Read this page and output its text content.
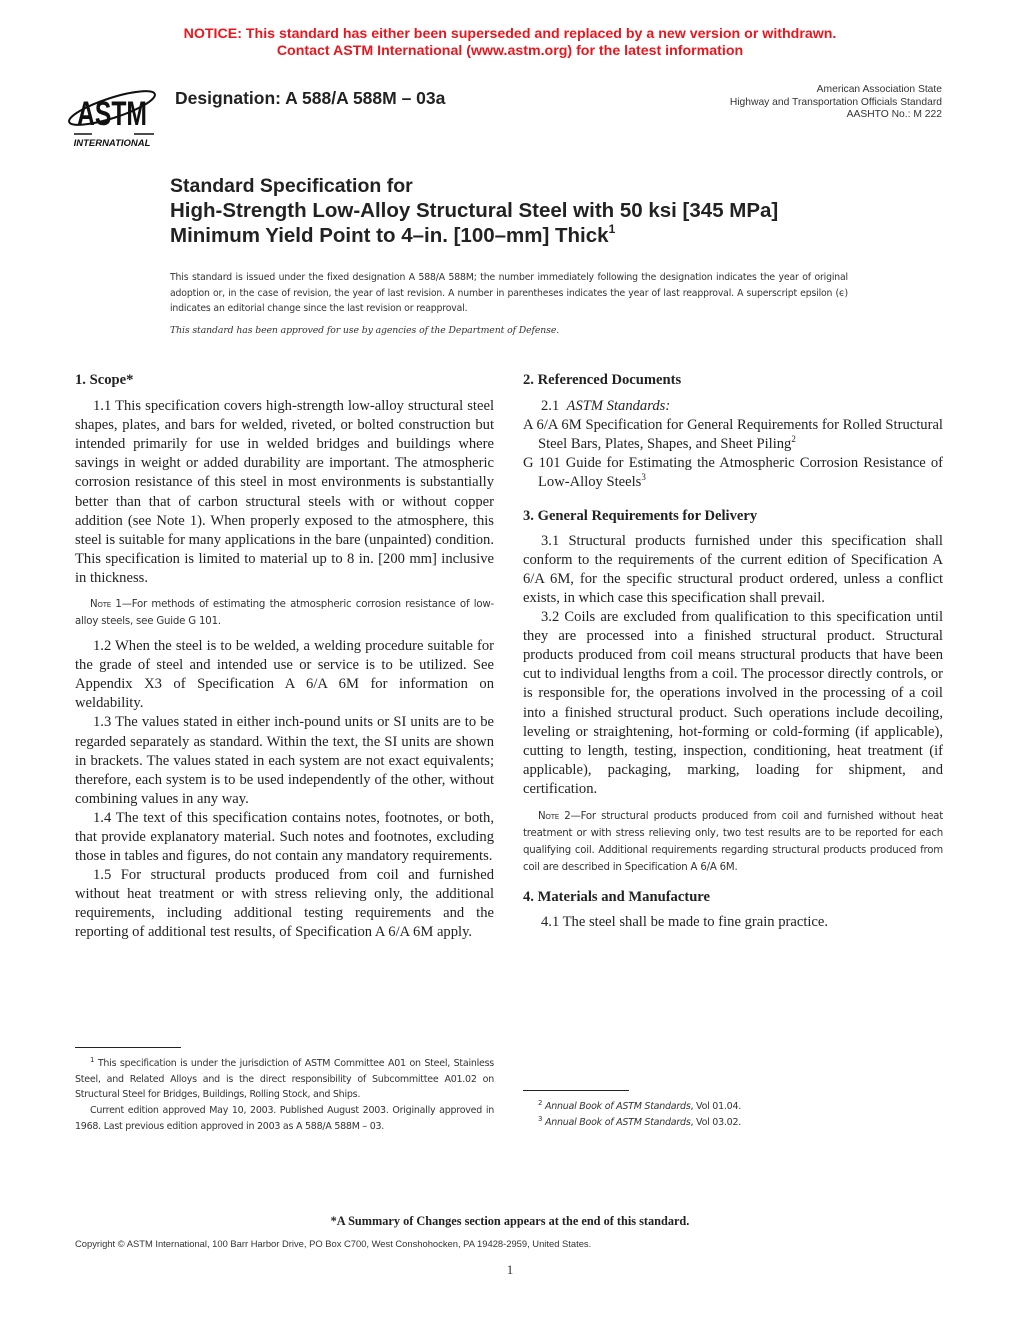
NOTICE: This standard has either been superseded and replaced by a new version or withdrawn.
Contact ASTM International (www.astm.org) for the latest information
ASTM
INTERNATIONAL
Designation: A 588/A 588M – 03a	American Association State
Highway and Transportation Officials Standard
AASHTO No.: M 222
Standard Specification for
High-Strength Low-Alloy Structural Steel with 50 ksi [345 MPa] Minimum Yield Point to 4–in. [100–mm] Thick$^1$
This standard is issued under the fixed designation A 588/A 588M; the number immediately following the designation indicates the year of original adoption or, in the case of revision, the year of last revision. A number in parentheses indicates the year of last reapproval. A superscript epsilon (ϵ) indicates an editorial change since the last revision or reapproval.
This standard has been approved for use by agencies of the Department of Defense.
1. Scope*

1.1 This specification covers high-strength low-alloy structural steel shapes, plates, and bars for welded, riveted, or bolted construction but intended primarily for use in welded bridges and buildings where savings in weight or added durability are important. The atmospheric corrosion resistance of this steel in most environments is substantially better than that of carbon structural steels with or without copper addition (see Note 1). When properly exposed to the atmosphere, this steel is suitable for many applications in the bare (unpainted) condition. This specification is limited to material up to 8 in. [200 mm] inclusive in thickness.

Note 1—For methods of estimating the atmospheric corrosion resistance of low-alloy steels, see Guide G 101.

1.2 When the steel is to be welded, a welding procedure suitable for the grade of steel and intended use or service is to be utilized. See Appendix X3 of Specification A 6/A 6M for information on weldability.

1.3 The values stated in either inch-pound units or SI units are to be regarded separately as standard. Within the text, the SI units are shown in brackets. The values stated in each system are not exact equivalents; therefore, each system is to be used independently of the other, without combining values in any way.

1.4 The text of this specification contains notes, footnotes, or both, that provide explanatory material. Such notes and footnotes, excluding those in tables and figures, do not contain any mandatory requirements.

1.5 For structural products produced from coil and furnished without heat treatment or with stress relieving only, the additional requirements, including additional testing requirements and the reporting of additional test results, of Specification A 6/A 6M apply.

$^1$ This specification is under the jurisdiction of ASTM Committee A01 on Steel, Stainless Steel, and Related Alloys and is the direct responsibility of Subcommittee A01.02 on Structural Steel for Bridges, Buildings, Rolling Stock, and Ships.

Current edition approved May 10, 2003. Published August 2003. Originally approved in 1968. Last previous edition approved in 2003 as A 588/A 588M – 03.

2. Referenced Documents

2.1 ASTM Standards:

A 6/A 6M Specification for General Requirements for Rolled Structural Steel Bars, Plates, Shapes, and Sheet Piling$^2$

G 101 Guide for Estimating the Atmospheric Corrosion Resistance of Low-Alloy Steels$^3$

3. General Requirements for Delivery

3.1 Structural products furnished under this specification shall conform to the requirements of the current edition of Specification A 6/A 6M, for the specific structural product ordered, unless a conflict exists, in which case this specification shall prevail.

3.2 Coils are excluded from qualification to this specification until they are processed into a finished structural product. Structural products produced from coil means structural products that have been cut to individual lengths from a coil. The processor directly controls, or is responsible for, the operations involved in the processing of a coil into a finished structural product. Such operations include decoiling, leveling or straightening, hot-forming or cold-forming (if applicable), cutting to length, testing, inspection, conditioning, heat treatment (if applicable), packaging, marking, loading for shipment, and certification.

Note 2—For structural products produced from coil and furnished without heat treatment or with stress relieving only, two test results are to be reported for each qualifying coil. Additional requirements regarding structural products produced from coil are described in Specification A 6/A 6M.

4. Materials and Manufacture

4.1 The steel shall be made to fine grain practice.

$^2$ Annual Book of ASTM Standards, Vol 01.04.

$^3$ Annual Book of ASTM Standards, Vol 03.02.

*A Summary of Changes section appears at the end of this standard.
Copyright © ASTM International, 100 Barr Harbor Drive, PO Box C700, West Conshohocken, PA 19428-2959, United States.
1
